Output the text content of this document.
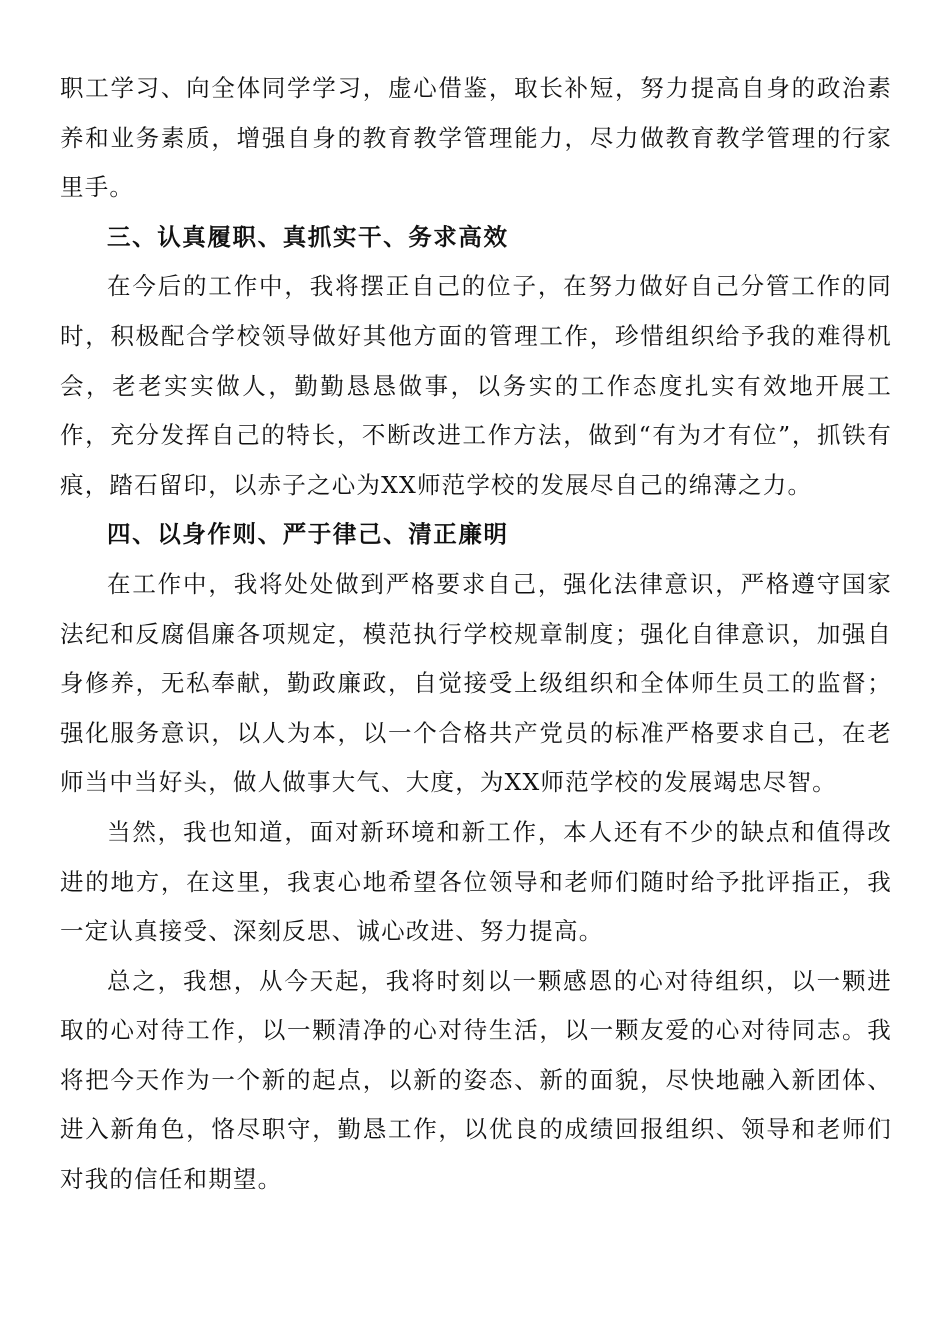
职工学习、向全体同学学习，虚心借鉴，取长补短，努力提高自身的政治素养和业务素质，增强自身的教育教学管理能力，尽力做教育教学管理的行家里手。

三、认真履职、真抓实干、务求高效

在今后的工作中，我将摆正自己的位子，在努力做好自己分管工作的同时，积极配合学校领导做好其他方面的管理工作，珍惜组织给予我的难得机会，老老实实做人，勤勤恳恳做事，以务实的工作态度扎实有效地开展工作，充分发挥自己的特长，不断改进工作方法，做到“有为才有位”，抓铁有痕，踏石留印，以赤子之心为XX师范学校的发展尽自己的绵薄之力。

四、以身作则、严于律己、清正廉明

在工作中，我将处处做到严格要求自己，强化法律意识，严格遵守国家法纪和反腐倡廉各项规定，模范执行学校规章制度；强化自律意识，加强自身修养，无私奉献，勤政廉政，自觉接受上级组织和全体师生员工的监督；强化服务意识，以人为本，以一个合格共产党员的标准严格要求自己，在老师当中当好头，做人做事大气、大度，为XX师范学校的发展竭忠尽智。

当然，我也知道，面对新环境和新工作，本人还有不少的缺点和值得改进的地方，在这里，我衷心地希望各位领导和老师们随时给予批评指正，我一定认真接受、深刻反思、诚心改进、努力提高。

总之，我想，从今天起，我将时刻以一颗感恩的心对待组织，以一颗进取的心对待工作，以一颗清净的心对待生活，以一颗友爱的心对待同志。我将把今天作为一个新的起点，以新的姿态、新的面貌，尽快地融入新团体、进入新角色，恪尽职守，勤恳工作，以优良的成绩回报组织、领导和老师们对我的信任和期望。
